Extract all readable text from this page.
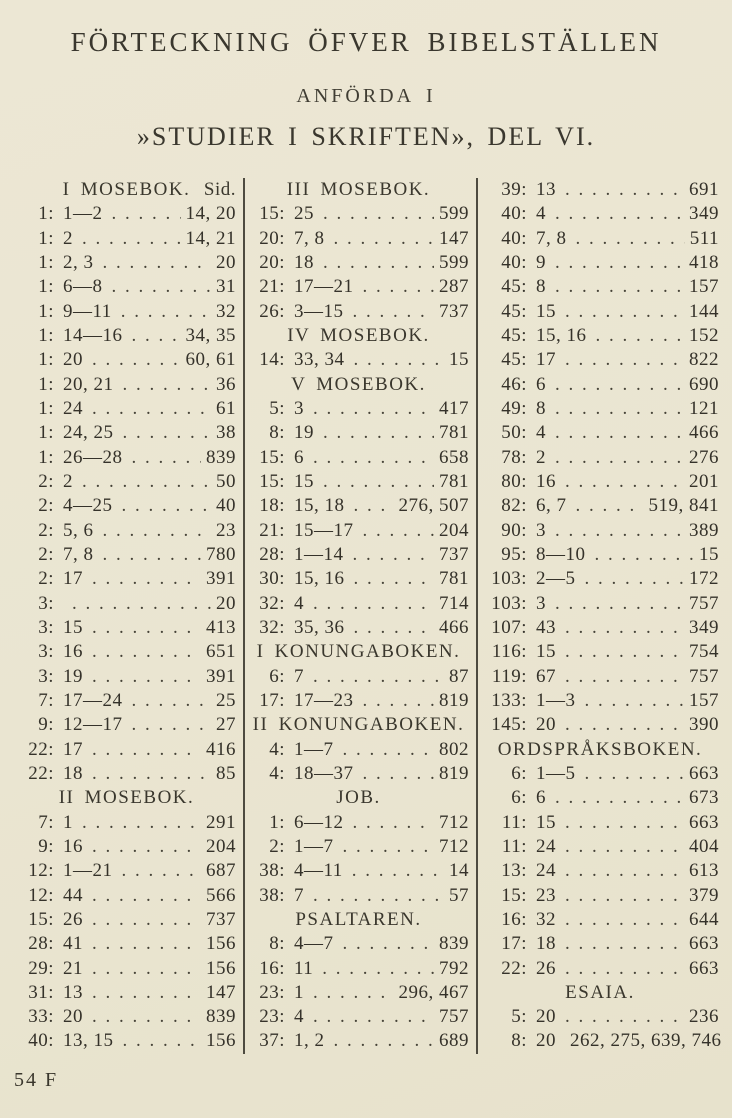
FÖRTECKNING ÖFVER BIBELSTÄLLEN
ANFÖRDA I
»STUDIER I SKRIFTEN», DEL VI.
I MOSEBOK. Sid.
1: 1—2 . . .	14, 20
1: 2 . . .	14, 21
1: 2, 3 . . .	20
1: 6—8 . . .	31
1: 9—11 . . .	32
1: 14—16 . . .	34, 35
1: 20 . . .	60, 61
1: 20, 21 . . .	36
1: 24 . . .	61
1: 24, 25 . . .	38
1: 26—28 . . .	839
2: 2 . . .	50
2: 4—25 . . .	40
2: 5, 6 . . .	23
2: 7, 8 . . .	780
2: 17 . . .	391
3: . . .	20
3: 15 . . .	413
3: 16 . . .	651
3: 19 . . .	391
7: 17—24 . . .	25
9: 12—17 . . .	27
22: 17 . . .	416
22: 18 . . .	85
II MOSEBOK.
7: 1 . . .	291
9: 16 . . .	204
12: 1—21 . . .	687
12: 44 . . .	566
15: 26 . . .	737
28: 41 . . .	156
29: 21 . . .	156
31: 13 . . .	147
33: 20 . . .	839
40: 13, 15 . . .	156
III MOSEBOK.
15: 25 . . .	599
20: 7, 8 . . .	147
20: 18 . . .	599
21: 17—21 . . .	287
26: 3—15 . . .	737
IV MOSEBOK.
14: 33, 34 . . .	15
V MOSEBOK.
5: 3 . . .	417
8: 19 . . .	781
15: 6 . . .	658
15: 15 . . .	781
18: 15, 18 . . .	276, 507
21: 15—17 . . .	204
28: 1—14 . . .	737
30: 15, 16 . . .	781
32: 4 . . .	714
32: 35, 36 . . .	466
I KONUNGABOKEN.
6: 7 . . .	87
17: 17—23 . . .	819
II KONUNGABOKEN.
4: 1—7 . . .	802
4: 18—37 . . .	819
JOB.
1: 6—12 . . .	712
2: 1—7 . . .	712
38: 4—11 . . .	14
38: 7 . . .	57
PSALTAREN.
8: 4—7 . . .	839
16: 11 . . .	792
23: 1 . . .	296, 467
23: 4 . . .	757
37: 1, 2 . . .	689
39: 13 . . .	691
40: 4 . . .	349
40: 7, 8 . . .	511
40: 9 . . .	418
45: 8 . . .	157
45: 15 . . .	144
45: 15, 16 . . .	152
45: 17 . . .	822
46: 6 . . .	690
49: 8 . . .	121
50: 4 . . .	466
78: 2 . . .	276
80: 16 . . .	201
82: 6, 7 . . .	519, 841
90: 3 . . .	389
95: 8—10 . . .	15
103: 2—5 . . .	172
103: 3 . . .	757
107: 43 . . .	349
116: 15 . . .	754
119: 67 . . .	757
133: 1—3 . . .	157
145: 20 . . .	390
ORDSPRÅKSBOKEN.
6: 1—5 . . .	663
6: 6 . . .	673
11: 15 . . .	663
11: 24 . . .	404
13: 24 . . .	613
15: 23 . . .	379
16: 32 . . .	644
17: 18 . . .	663
22: 26 . . .	663
ESAIA.
5: 20 . . .	236
8: 20 262, 275, 639, 746
54 F
